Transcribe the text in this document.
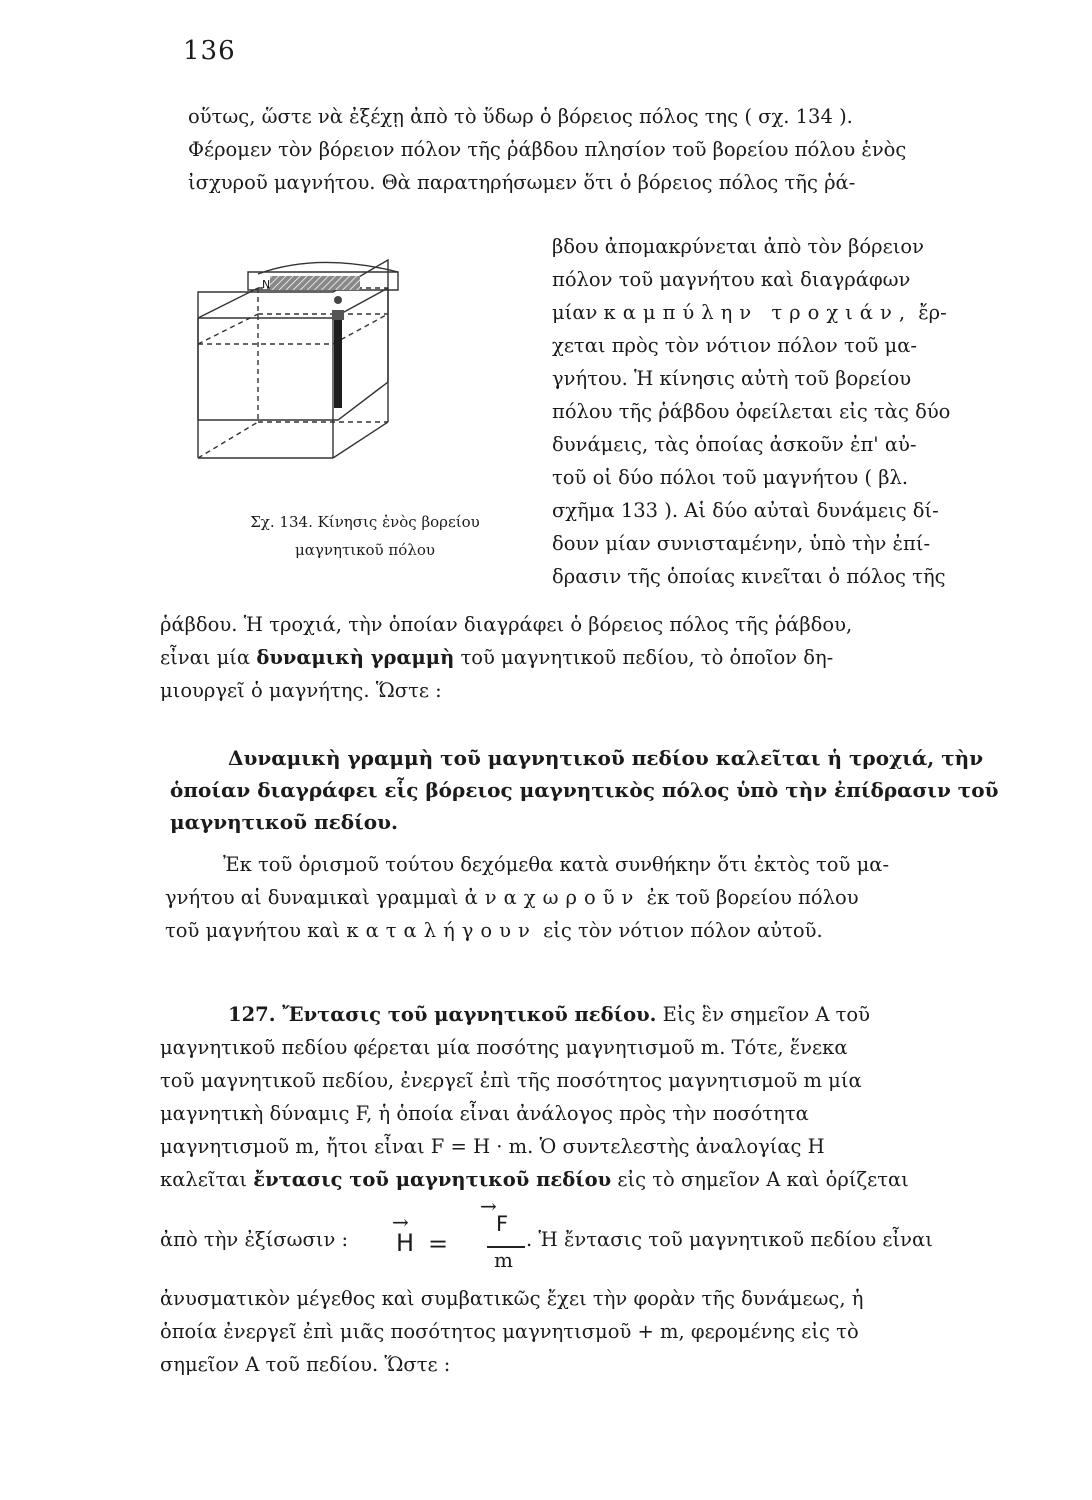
136

οὕτως, ὥστε νὰ ἐξέχῃ ἀπὸ τὸ ὕδωρ ὁ βόρειος πόλος της ( σχ. 134 ).
Φέρομεν τὸν βόρειον πόλον τῆς ῥάβδου πλησίον τοῦ βορείου πόλου ἑνὸς
ἰσχυροῦ μαγνήτου. Θὰ παρατηρήσωμεν ὅτι ὁ βόρειος πόλος τῆς ῥά-

N

βδου ἀπομακρύνεται ἀπὸ τὸν βόρειον
πόλον τοῦ μαγνήτου καὶ διαγράφων
μίαν καμπύλην τροχιάν, ἔρ-
χεται πρὸς τὸν νότιον πόλον τοῦ μα-
γνήτου. Ἡ κίνησις αὐτὴ τοῦ βορείου
πόλου τῆς ῥάβδου ὀφείλεται εἰς τὰς δύο
δυνάμεις, τὰς ὁποίας ἀσκοῦν ἐπ' αὐ-
τοῦ οἱ δύο πόλοι τοῦ μαγνήτου ( βλ.
σχῆμα 133 ). Αἱ δύο αὐταὶ δυνάμεις δί-
δουν μίαν συνισταμένην, ὑπὸ τὴν ἐπί-
δρασιν τῆς ὁποίας κινεῖται ὁ πόλος τῆς

Σχ. 134. Κίνησις ἑνὸς βορείου
μαγνητικοῦ πόλου

ῥάβδου. Ἡ τροχιά, τὴν ὁποίαν διαγράφει ὁ βόρειος πόλος τῆς ῥάβδου,
εἶναι μία δυναμικὴ γραμμὴ τοῦ μαγνητικοῦ πεδίου, τὸ ὁποῖον δη-
μιουργεῖ ὁ μαγνήτης. Ὥστε :

Δυναμικὴ γραμμὴ τοῦ μαγνητικοῦ πεδίου καλεῖται ἡ τροχιά, τὴν
ὁποίαν διαγράφει εἷς βόρειος μαγνητικὸς πόλος ὑπὸ τὴν ἐπίδρασιν τοῦ
μαγνητικοῦ πεδίου.

Ἐκ τοῦ ὁρισμοῦ τούτου δεχόμεθα κατὰ συνθήκην ὅτι ἐκτὸς τοῦ μα-
γνήτου αἱ δυναμικαὶ γραμμαὶ ἀναχωροῦν ἐκ τοῦ βορείου πόλου
τοῦ μαγνήτου καὶ καταλήγουν εἰς τὸν νότιον πόλον αὐτοῦ.

127. Ἔντασις τοῦ μαγνητικοῦ πεδίου. Εἰς ἓν σημεῖον Α τοῦ
μαγνητικοῦ πεδίου φέρεται μία ποσότης μαγνητισμοῦ m. Τότε, ἕνεκα
τοῦ μαγνητικοῦ πεδίου, ἐνεργεῖ ἐπὶ τῆς ποσότητος μαγνητισμοῦ m μία
μαγνητικὴ δύναμις F, ἡ ὁποία εἶναι ἀνάλογος πρὸς τὴν ποσότητα
μαγνητισμοῦ m, ἤτοι εἶναι F = H · m. Ὁ συντελεστὴς ἀναλογίας H
καλεῖται ἔντασις τοῦ μαγνητικοῦ πεδίου εἰς τὸ σημεῖον Α καὶ ὁρίζεται

ἀπὸ τὴν ἐξίσωσιν :
→
H =
→
F
m
. Ἡ ἔντασις τοῦ μαγνητικοῦ πεδίου εἶναι

ἀνυσματικὸν μέγεθος καὶ συμβατικῶς ἔχει τὴν φορὰν τῆς δυνάμεως, ἡ
ὁποία ἐνεργεῖ ἐπὶ μιᾶς ποσότητος μαγνητισμοῦ + m, φερομένης εἰς τὸ
σημεῖον Α τοῦ πεδίου. Ὥστε :
